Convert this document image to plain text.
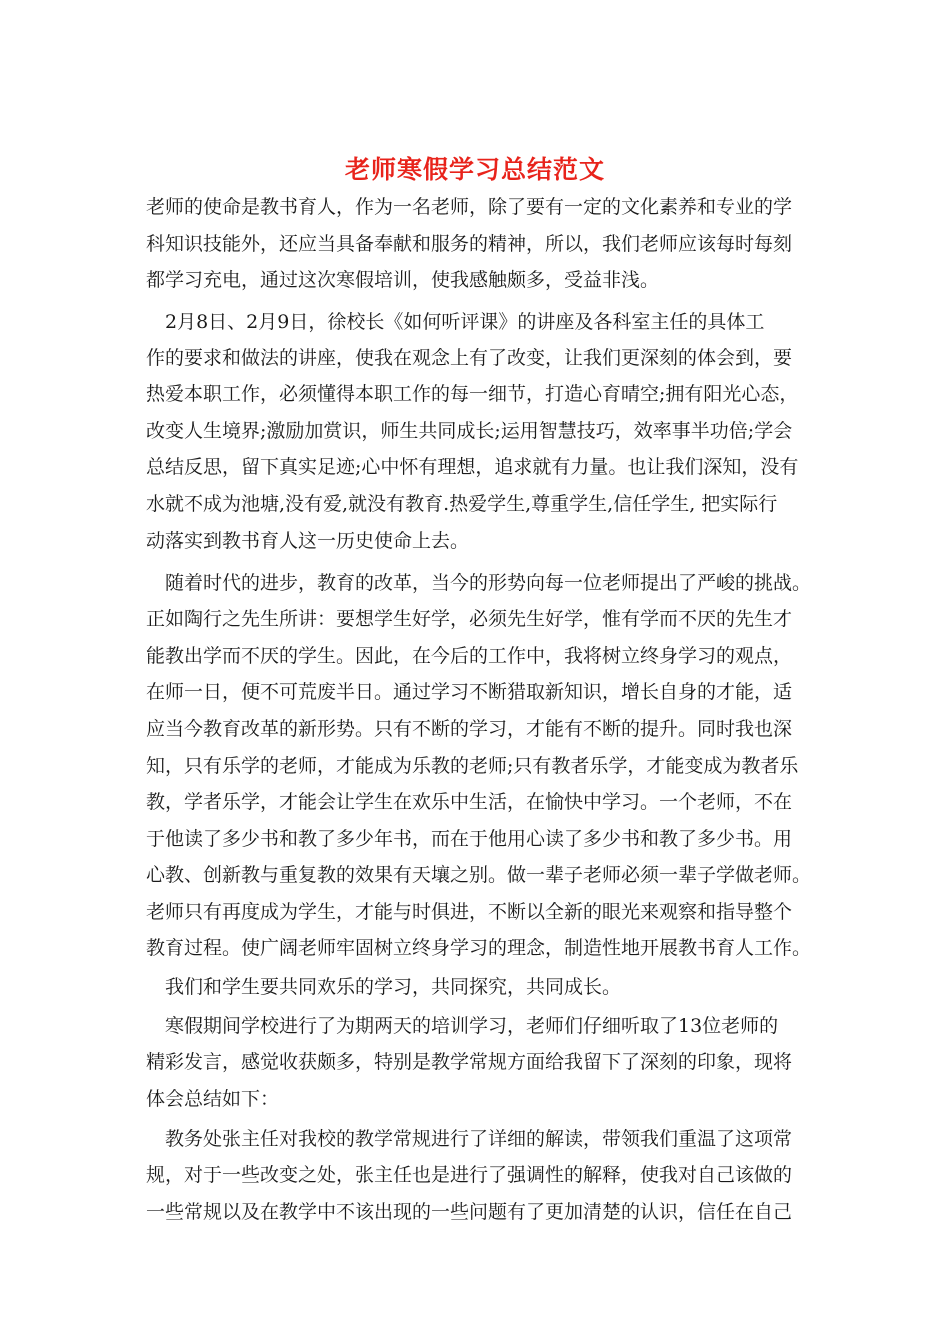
老师寒假学习总结范文
老师的使命是教书育人，作为一名老师，除了要有一定的文化素养和专业的学
科知识技能外，还应当具备奉献和服务的精神，所以，我们老师应该每时每刻
都学习充电，通过这次寒假培训，使我感触颇多，受益非浅。
　2月8日、2月9日，徐校长《如何听评课》的讲座及各科室主任的具体工
作的要求和做法的讲座，使我在观念上有了改变，让我们更深刻的体会到，要
热爱本职工作，必须懂得本职工作的每一细节，打造心育晴空;拥有阳光心态，
改变人生境界;激励加赏识，师生共同成长;运用智慧技巧，效率事半功倍;学会
总结反思，留下真实足迹;心中怀有理想，追求就有力量。也让我们深知，没有
水就不成为池塘,没有爱,就没有教育.热爱学生,尊重学生,信任学生, 把实际行
动落实到教书育人这一历史使命上去。
　随着时代的进步，教育的改革，当今的形势向每一位老师提出了严峻的挑战。
正如陶行之先生所讲：要想学生好学，必须先生好学，惟有学而不厌的先生才
能教出学而不厌的学生。因此，在今后的工作中，我将树立终身学习的观点，
在师一日，便不可荒废半日。通过学习不断猎取新知识，增长自身的才能，适
应当今教育改革的新形势。只有不断的学习，才能有不断的提升。同时我也深
知，只有乐学的老师，才能成为乐教的老师;只有教者乐学，才能变成为教者乐
教，学者乐学，才能会让学生在欢乐中生活，在愉快中学习。一个老师，不在
于他读了多少书和教了多少年书，而在于他用心读了多少书和教了多少书。用
心教、创新教与重复教的效果有天壤之别。做一辈子老师必须一辈子学做老师。
老师只有再度成为学生，才能与时俱进，不断以全新的眼光来观察和指导整个
教育过程。使广阔老师牢固树立终身学习的理念，制造性地开展教书育人工作。
　我们和学生要共同欢乐的学习，共同探究，共同成长。
　寒假期间学校进行了为期两天的培训学习，老师们仔细听取了13位老师的
精彩发言，感觉收获颇多，特别是教学常规方面给我留下了深刻的印象，现将
体会总结如下：
　教务处张主任对我校的教学常规进行了详细的解读，带领我们重温了这项常
规，对于一些改变之处，张主任也是进行了强调性的解释，使我对自己该做的
一些常规以及在教学中不该出现的一些问题有了更加清楚的认识，信任在自己
